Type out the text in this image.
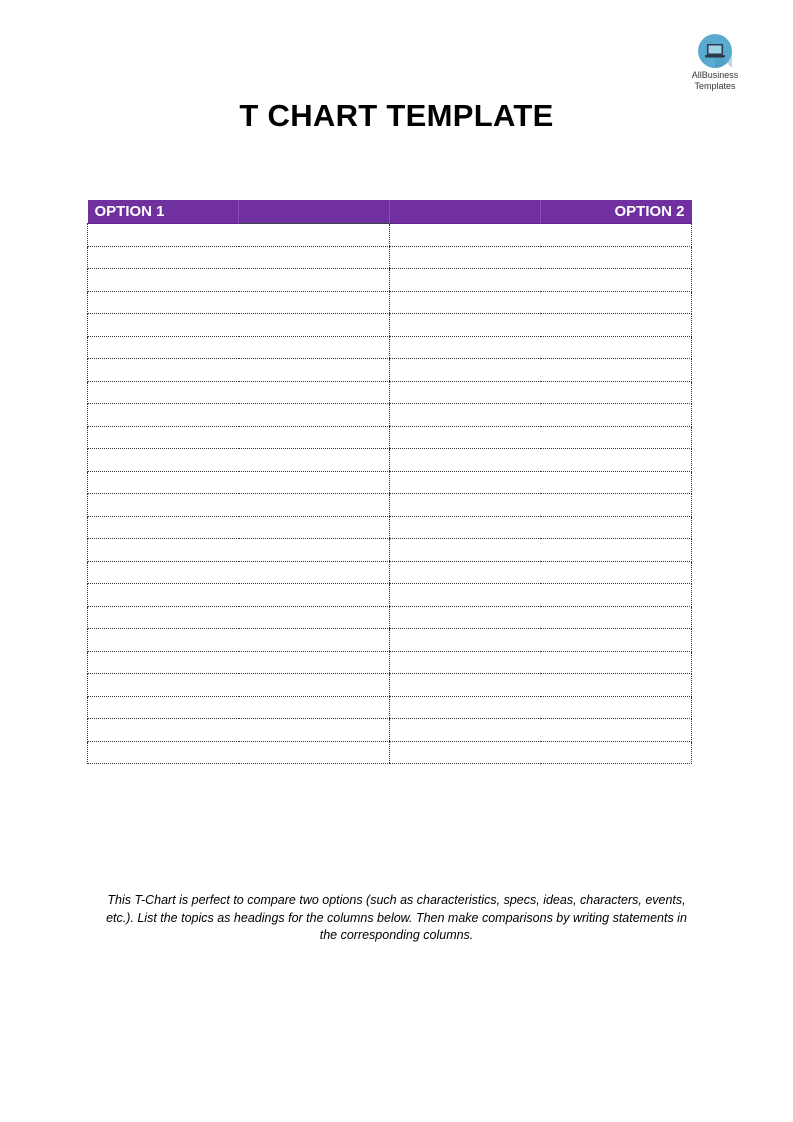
AllBusiness
Templates
T CHART TEMPLATE
OPTION 1			OPTION 2

This T-Chart is perfect to compare two options (such as characteristics, specs, ideas, characters, events, etc.). List the topics as headings for the columns below. Then make comparisons by writing statements in the corresponding columns.
